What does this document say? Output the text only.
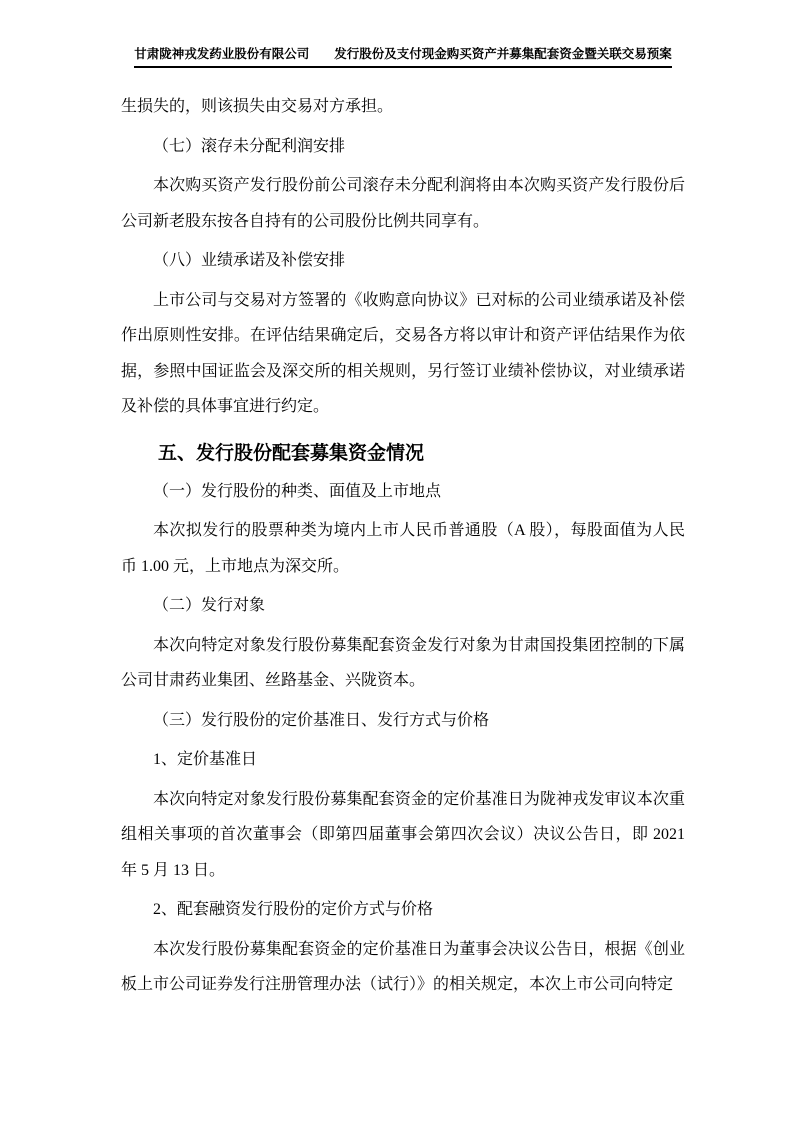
甘肃陇神戎发药业股份有限公司　　发行股份及支付现金购买资产并募集配套资金暨关联交易预案

生损失的，则该损失由交易对方承担。

（七）滚存未分配利润安排

本次购买资产发行股份前公司滚存未分配利润将由本次购买资产发行股份后公司新老股东按各自持有的公司股份比例共同享有。

（八）业绩承诺及补偿安排

上市公司与交易对方签署的《收购意向协议》已对标的公司业绩承诺及补偿作出原则性安排。在评估结果确定后，交易各方将以审计和资产评估结果作为依据，参照中国证监会及深交所的相关规则，另行签订业绩补偿协议，对业绩承诺及补偿的具体事宜进行约定。

五、发行股份配套募集资金情况

（一）发行股份的种类、面值及上市地点

本次拟发行的股票种类为境内上市人民币普通股（A 股），每股面值为人民币 1.00 元，上市地点为深交所。

（二）发行对象

本次向特定对象发行股份募集配套资金发行对象为甘肃国投集团控制的下属公司甘肃药业集团、丝路基金、兴陇资本。

（三）发行股份的定价基准日、发行方式与价格

1、定价基准日

本次向特定对象发行股份募集配套资金的定价基准日为陇神戎发审议本次重组相关事项的首次董事会（即第四届董事会第四次会议）决议公告日，即 2021 年 5 月 13 日。

2、配套融资发行股份的定价方式与价格

本次发行股份募集配套资金的定价基准日为董事会决议公告日，根据《创业板上市公司证券发行注册管理办法（试行）》的相关规定，本次上市公司向特定
